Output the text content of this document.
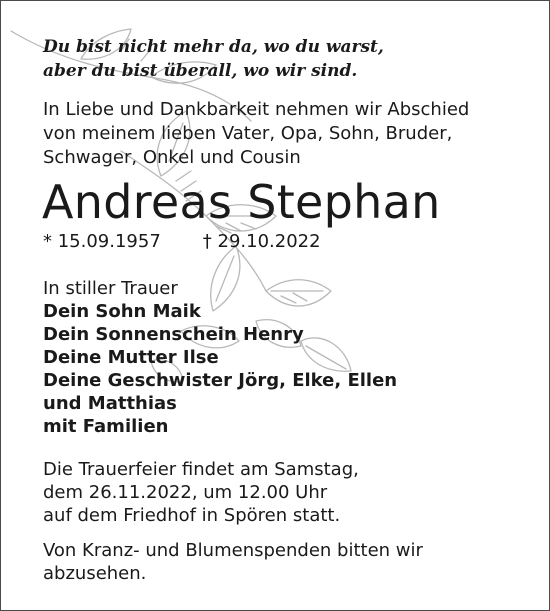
Du bist nicht mehr da, wo du warst,
aber du bist überall, wo wir sind.

In Liebe und Dankbarkeit nehmen wir Abschied
von meinem lieben Vater, Opa, Sohn, Bruder,
Schwager, Onkel und Cousin

Andreas Stephan

* 15.09.1957 † 29.10.2022

In stiller Trauer
Dein Sohn Maik
Dein Sonnenschein Henry
Deine Mutter Ilse
Deine Geschwister Jörg, Elke, Ellen
und Matthias
mit Familien

Die Trauerfeier findet am Samstag,
dem 26.11.2022, um 12.00 Uhr
auf dem Friedhof in Spören statt.

Von Kranz- und Blumenspenden bitten wir
abzusehen.
